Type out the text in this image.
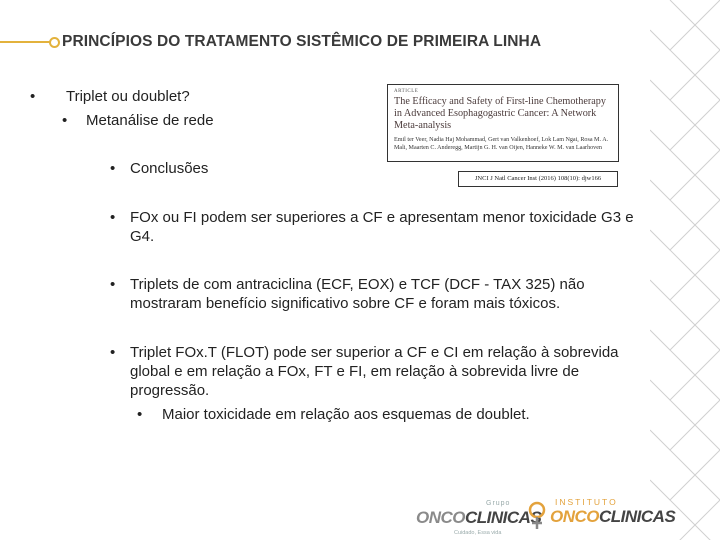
PRINCÍPIOS DO TRATAMENTO SISTÊMICO DE PRIMEIRA LINHA
• Triplet ou doublet?
• Metanálise de rede
• Conclusões
• FOx ou FI podem ser superiores a CF e apresentam menor toxicidade G3 e G4.
• Triplets de com antraciclina (ECF, EOX) e TCF (DCF - TAX 325) não mostraram benefício significativo sobre CF e foram mais tóxicos.
• Triplet FOx.T (FLOT) pode ser superior a CF e CI em relação à sobrevida global e em relação a FOx, FT e FI, em relação à sobrevida livre de progressão.
• Maior toxicidade em relação aos esquemas de doublet.
ARTICLE
The Efficacy and Safety of First-line Chemotherapy in Advanced Esophagogastric Cancer: A Network Meta-analysis
Emil ter Veer, Nadia Haj Mohammad, Gert van Valkenhoef, Lok Lam Ngai, Rosa M. A. Mali, Maarten C. Anderegg, Martijn G. H. van Oijen, Hanneke W. M. van Laarhoven
JNCI J Natl Cancer Inst (2016) 108(10): djw166
Grupo
ONCOCLINICAS
Cuidado, Essa vida
INSTITUTO
ONCOCLINICAS
